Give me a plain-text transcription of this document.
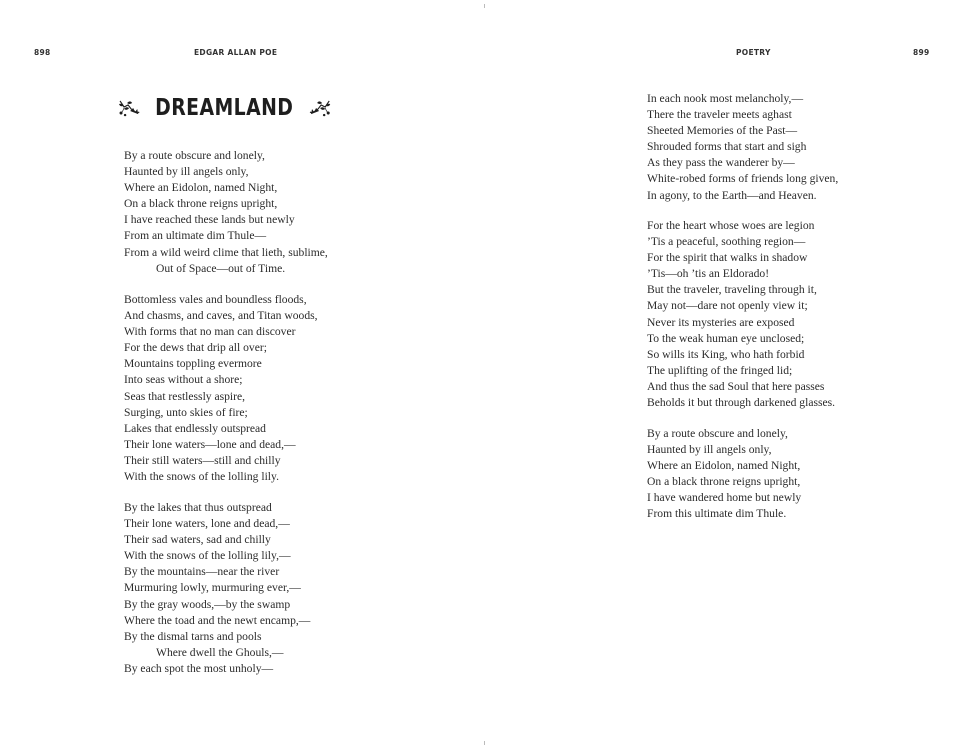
898	EDGAR ALLAN POE
DREAMLAND
By a route obscure and lonely,
Haunted by ill angels only,
Where an Eidolon, named Night,
On a black throne reigns upright,
I have reached these lands but newly
From an ultimate dim Thule—
From a wild weird clime that lieth, sublime,
Out of Space—out of Time.
Bottomless vales and boundless floods,
And chasms, and caves, and Titan woods,
With forms that no man can discover
For the dews that drip all over;
Mountains toppling evermore
Into seas without a shore;
Seas that restlessly aspire,
Surging, unto skies of fire;
Lakes that endlessly outspread
Their lone waters—lone and dead,—
Their still waters—still and chilly
With the snows of the lolling lily.
By the lakes that thus outspread
Their lone waters, lone and dead,—
Their sad waters, sad and chilly
With the snows of the lolling lily,—
By the mountains—near the river
Murmuring lowly, murmuring ever,—
By the gray woods,—by the swamp
Where the toad and the newt encamp,—
By the dismal tarns and pools
Where dwell the Ghouls,—
By each spot the most unholy—
POETRY	899
In each nook most melancholy,—
There the traveler meets aghast
Sheeted Memories of the Past—
Shrouded forms that start and sigh
As they pass the wanderer by—
White-robed forms of friends long given,
In agony, to the Earth—and Heaven.
For the heart whose woes are legion
’Tis a peaceful, soothing region—
For the spirit that walks in shadow
’Tis—oh ’tis an Eldorado!
But the traveler, traveling through it,
May not—dare not openly view it;
Never its mysteries are exposed
To the weak human eye unclosed;
So wills its King, who hath forbid
The uplifting of the fringed lid;
And thus the sad Soul that here passes
Beholds it but through darkened glasses.
By a route obscure and lonely,
Haunted by ill angels only,
Where an Eidolon, named Night,
On a black throne reigns upright,
I have wandered home but newly
From this ultimate dim Thule.
